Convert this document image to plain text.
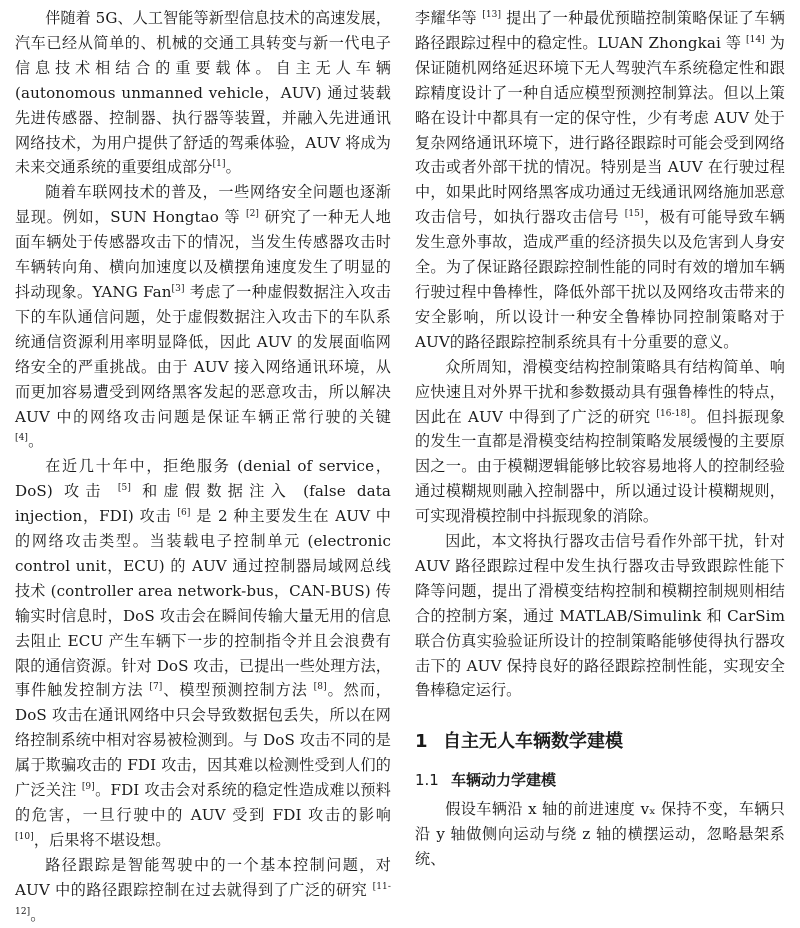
伴随着 5G、人工智能等新型信息技术的高速发展，汽车已经从简单的、机械的交通工具转变与新一代电子信息技术相结合的重要载体。自主无人车辆 (autonomous unmanned vehicle，AUV) 通过装载先进传感器、控制器、执行器等装置，并融入先进通讯网络技术，为用户提供了舒适的驾乘体验，AUV 将成为未来交通系统的重要组成部分[1]。

随着车联网技术的普及，一些网络安全问题也逐渐显现。例如，SUN Hongtao 等 [2] 研究了一种无人地面车辆处于传感器攻击下的情况，当发生传感器攻击时车辆转向角、横向加速度以及横摆角速度发生了明显的抖动现象。YANG Fan[3] 考虑了一种虚假数据注入攻击下的车队通信问题，处于虚假数据注入攻击下的车队系统通信资源利用率明显降低，因此 AUV 的发展面临网络安全的严重挑战。由于 AUV 接入网络通讯环境，从而更加容易遭受到网络黑客发起的恶意攻击，所以解决 AUV 中的网络攻击问题是保证车辆正常行驶的关键 [4]。

在近几十年中，拒绝服务 (denial of service，DoS) 攻击 [5] 和虚假数据注入 (false data injection，FDI) 攻击 [6] 是 2 种主要发生在 AUV 中的网络攻击类型。当装载电子控制单元 (electronic control unit，ECU) 的 AUV 通过控制器局域网总线技术 (controller area network-bus，CAN-BUS) 传输实时信息时，DoS 攻击会在瞬间传输大量无用的信息去阻止 ECU 产生车辆下一步的控制指令并且会浪费有限的通信资源。针对 DoS 攻击，已提出一些处理方法，事件触发控制方法 [7]、模型预测控制方法 [8]。然而，DoS 攻击在通讯网络中只会导致数据包丢失，所以在网络控制系统中相对容易被检测到。与 DoS 攻击不同的是属于欺骗攻击的 FDI 攻击，因其难以检测性受到人们的广泛关注 [9]。FDI 攻击会对系统的稳定性造成难以预料的危害，一旦行驶中的 AUV 受到 FDI 攻击的影响 [10]，后果将不堪设想。

路径跟踪是智能驾驶中的一个基本控制问题，对 AUV 中的路径跟踪控制在过去就得到了广泛的研究 [11-12]。

李耀华等 [13] 提出了一种最优预瞄控制策略保证了车辆路径跟踪过程中的稳定性。LUAN Zhongkai 等 [14] 为保证随机网络延迟环境下无人驾驶汽车系统稳定性和跟踪精度设计了一种自适应模型预测控制算法。但以上策略在设计中都具有一定的保守性，少有考虑 AUV 处于复杂网络通讯环境下，进行路径跟踪时可能会受到网络攻击或者外部干扰的情况。特别是当 AUV 在行驶过程中，如果此时网络黑客成功通过无线通讯网络施加恶意攻击信号，如执行器攻击信号 [15]，极有可能导致车辆发生意外事故，造成严重的经济损失以及危害到人身安全。为了保证路径跟踪控制性能的同时有效的增加车辆行驶过程中鲁棒性，降低外部干扰以及网络攻击带来的安全影响，所以设计一种安全鲁棒协同控制策略对于AUV的路径跟踪控制系统具有十分重要的意义。

众所周知，滑模变结构控制策略具有结构简单、响应快速且对外界干扰和参数摄动具有强鲁棒性的特点，因此在 AUV 中得到了广泛的研究 [16-18]。但抖振现象的发生一直都是滑模变结构控制策略发展缓慢的主要原因之一。由于模糊逻辑能够比较容易地将人的控制经验通过模糊规则融入控制器中，所以通过设计模糊规则，可实现滑模控制中抖振现象的消除。

因此，本文将执行器攻击信号看作外部干扰，针对 AUV 路径跟踪过程中发生执行器攻击导致跟踪性能下降等问题，提出了滑模变结构控制和模糊控制规则相结合的控制方案，通过 MATLAB/Simulink 和 CarSim 联合仿真实验验证所设计的控制策略能够使得执行器攻击下的 AUV 保持良好的路径跟踪控制性能，实现安全鲁棒稳定运行。

1 自主无人车辆数学建模
1.1 车辆动力学建模

假设车辆沿 x 轴的前进速度 vₓ 保持不变，车辆只沿 y 轴做侧向运动与绕 z 轴的横摆运动，忽略悬架系统、
